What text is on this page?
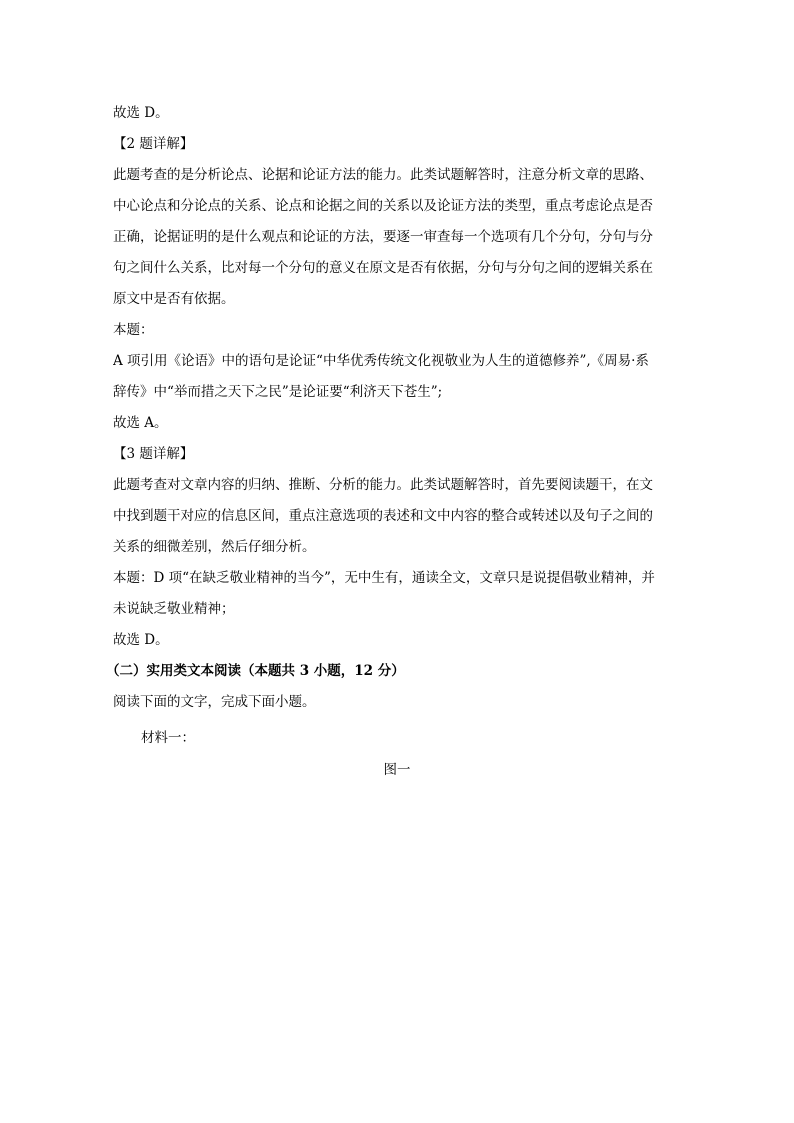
故选 D。
【2 题详解】
此题考查的是分析论点、论据和论证方法的能力。此类试题解答时，注意分析文章的思路、
中心论点和分论点的关系、论点和论据之间的关系以及论证方法的类型，重点考虑论点是否
正确，论据证明的是什么观点和论证的方法，要逐一审查每一个选项有几个分句，分句与分
句之间什么关系，比对每一个分句的意义在原文是否有依据，分句与分句之间的逻辑关系在
原文中是否有依据。
本题：
A 项引用《论语》中的语句是论证“中华优秀传统文化视敬业为人生的道德修养”,《周易·系
辞传》中“举而措之天下之民”是论证要“利济天下苍生”;
故选 A。
【3 题详解】
此题考查对文章内容的归纳、推断、分析的能力。此类试题解答时，首先要阅读题干，在文
中找到题干对应的信息区间，重点注意选项的表述和文中内容的整合或转述以及句子之间的
关系的细微差别，然后仔细分析。
本题：D 项“在缺乏敬业精神的当今”，无中生有，通读全文，文章只是说提倡敬业精神，并
未说缺乏敬业精神；
故选 D。
（二）实用类文本阅读（本题共 3 小题，12 分）
阅读下面的文字，完成下面小题。
材料一：
图一
